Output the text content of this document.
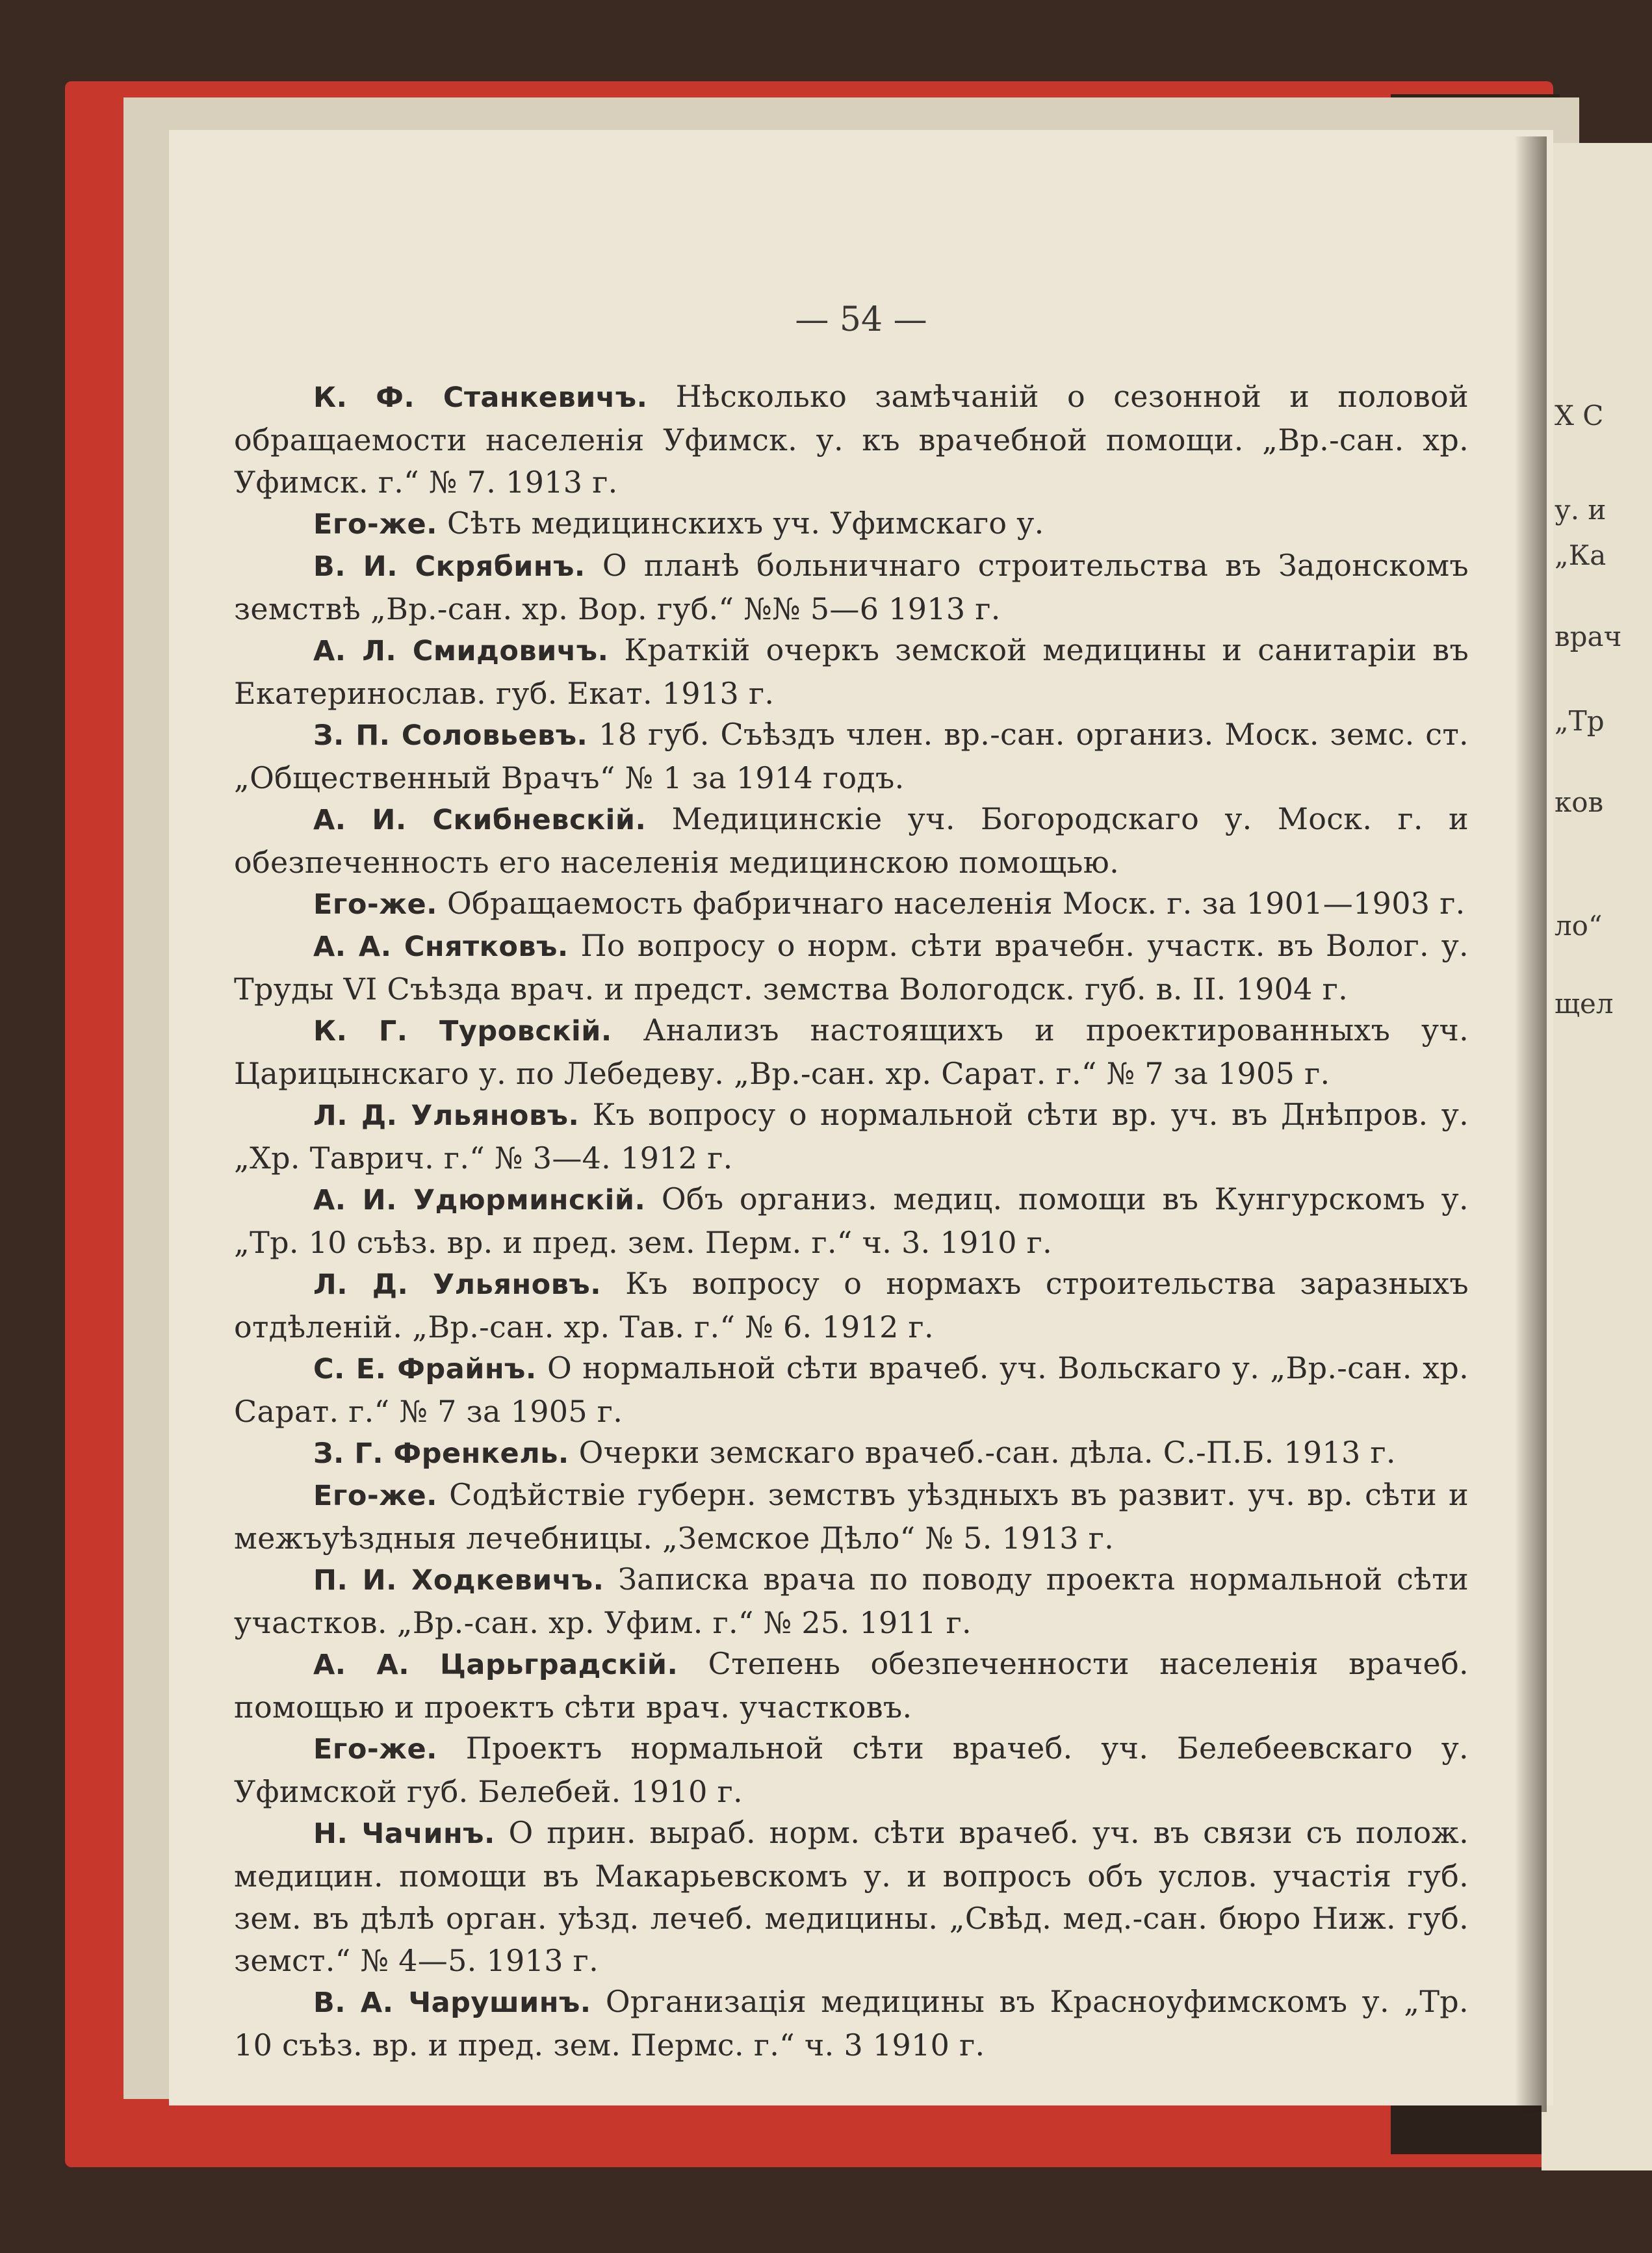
Х С
у. и
„Ка
врач
„Тр
ков
ло“
щел
— 54 —
К. Ф. Станкевичъ. Нѣсколько замѣчаній о сезонной и половой обращаемости населенія Уфимск. у. къ врачебной помощи. „Вр.-сан. хр. Уфимск. г.“ № 7. 1913 г.
Его-же. Сѣть медицинскихъ уч. Уфимскаго у.
В. И. Скрябинъ. О планѣ больничнаго строительства въ Задонскомъ земствѣ „Вр.-сан. хр. Вор. губ.“ №№ 5—6 1913 г.
А. Л. Смидовичъ. Краткій очеркъ земской медицины и санитаріи въ Екатеринослав. губ. Екат. 1913 г.
З. П. Соловьевъ. 18 губ. Съѣздъ член. вр.-сан. организ. Моск. земс. ст. „Общественный Врачъ“ № 1 за 1914 годъ.
А. И. Скибневскій. Медицинскіе уч. Богородскаго у. Моск. г. и обезпеченность его населенія медицинскою помощью.
Его-же. Обращаемость фабричнаго населенія Моск. г. за 1901—1903 г.
А. А. Снятковъ. По вопросу о норм. сѣти врачебн. участк. въ Волог. у. Труды VI Съѣзда врач. и предст. земства Вологодск. губ. в. II. 1904 г.
К. Г. Туровскій. Анализъ настоящихъ и проектированныхъ уч. Царицынскаго у. по Лебедеву. „Вр.-сан. хр. Сарат. г.“ № 7 за 1905 г.
Л. Д. Ульяновъ. Къ вопросу о нормальной сѣти вр. уч. въ Днѣпров. у. „Хр. Таврич. г.“ № 3—4. 1912 г.
А. И. Удюрминскій. Объ организ. медиц. помощи въ Кунгурскомъ у. „Тр. 10 съѣз. вр. и пред. зем. Перм. г.“ ч. 3. 1910 г.
Л. Д. Ульяновъ. Къ вопросу о нормахъ строительства заразныхъ отдѣленій. „Вр.-сан. хр. Тав. г.“ № 6. 1912 г.
С. Е. Фрайнъ. О нормальной сѣти врачеб. уч. Вольскаго у. „Вр.-сан. хр. Сарат. г.“ № 7 за 1905 г.
З. Г. Френкель. Очерки земскаго врачеб.-сан. дѣла. С.-П.Б. 1913 г.
Его-же. Содѣйствіе губерн. земствъ уѣздныхъ въ развит. уч. вр. сѣти и межъуѣздныя лечебницы. „Земское Дѣло“ № 5. 1913 г.
П. И. Ходкевичъ. Записка врача по поводу проекта нормальной сѣти участков. „Вр.-сан. хр. Уфим. г.“ № 25. 1911 г.
А. А. Царьградскій. Степень обезпеченности населенія врачеб. помощью и проектъ сѣти врач. участковъ.
Его-же. Проектъ нормальной сѣти врачеб. уч. Белебеевскаго у. Уфимской губ. Белебей. 1910 г.
Н. Чачинъ. О прин. выраб. норм. сѣти врачеб. уч. въ связи съ полож. медицин. помощи въ Макарьевскомъ у. и вопросъ объ услов. участія губ. зем. въ дѣлѣ орган. уѣзд. лечеб. медицины. „Свѣд. мед.-сан. бюро Ниж. губ. земст.“ № 4—5. 1913 г.
В. А. Чарушинъ. Организація медицины въ Красноуфимскомъ у. „Тр. 10 съѣз. вр. и пред. зем. Пермс. г.“ ч. 3 1910 г.
